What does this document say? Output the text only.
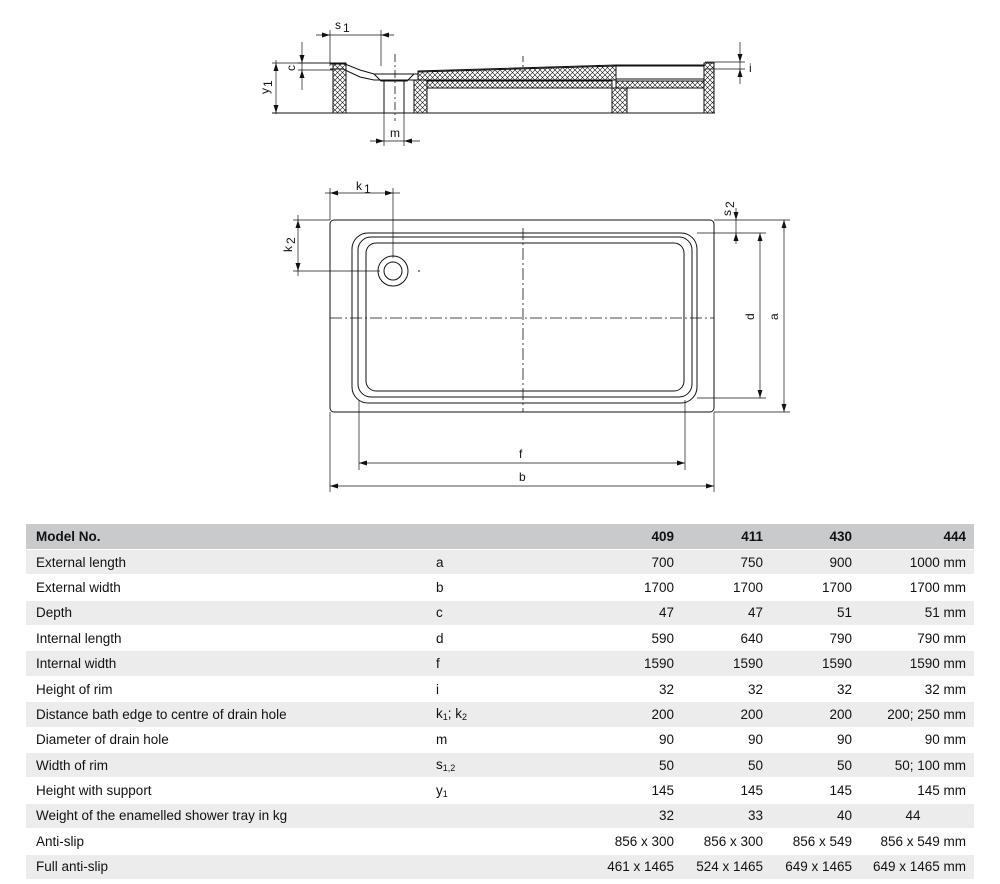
s 1
c
y
1
i
m
k 1
k
2
s
2
d a
f
b
Model No.		409	411	430	444
External length	a	700	750	900	1000 mm
External width	b	1700	1700	1700	1700 mm
Depth	c	47	47	51	51 mm
Internal length	d	590	640	790	790 mm
Internal width	f	1590	1590	1590	1590 mm
Height of rim	i	32	32	32	32 mm
Distance bath edge to centre of drain hole	$k_1$; $k_2$	200	200	200	200; 250 mm
Diameter of drain hole	m	90	90	90	90 mm
Width of rim	$s_{1,2}$	50	50	50	50; 100 mm
Height with support	$y_1$	145	145	145	145 mm
Weight of the enamelled shower tray in kg		32	33	40	44
Anti-slip		856 x 300	856 x 300	856 x 549	856 x 549 mm
Full anti-slip		461 x 1465	524 x 1465	649 x 1465	649 x 1465 mm
